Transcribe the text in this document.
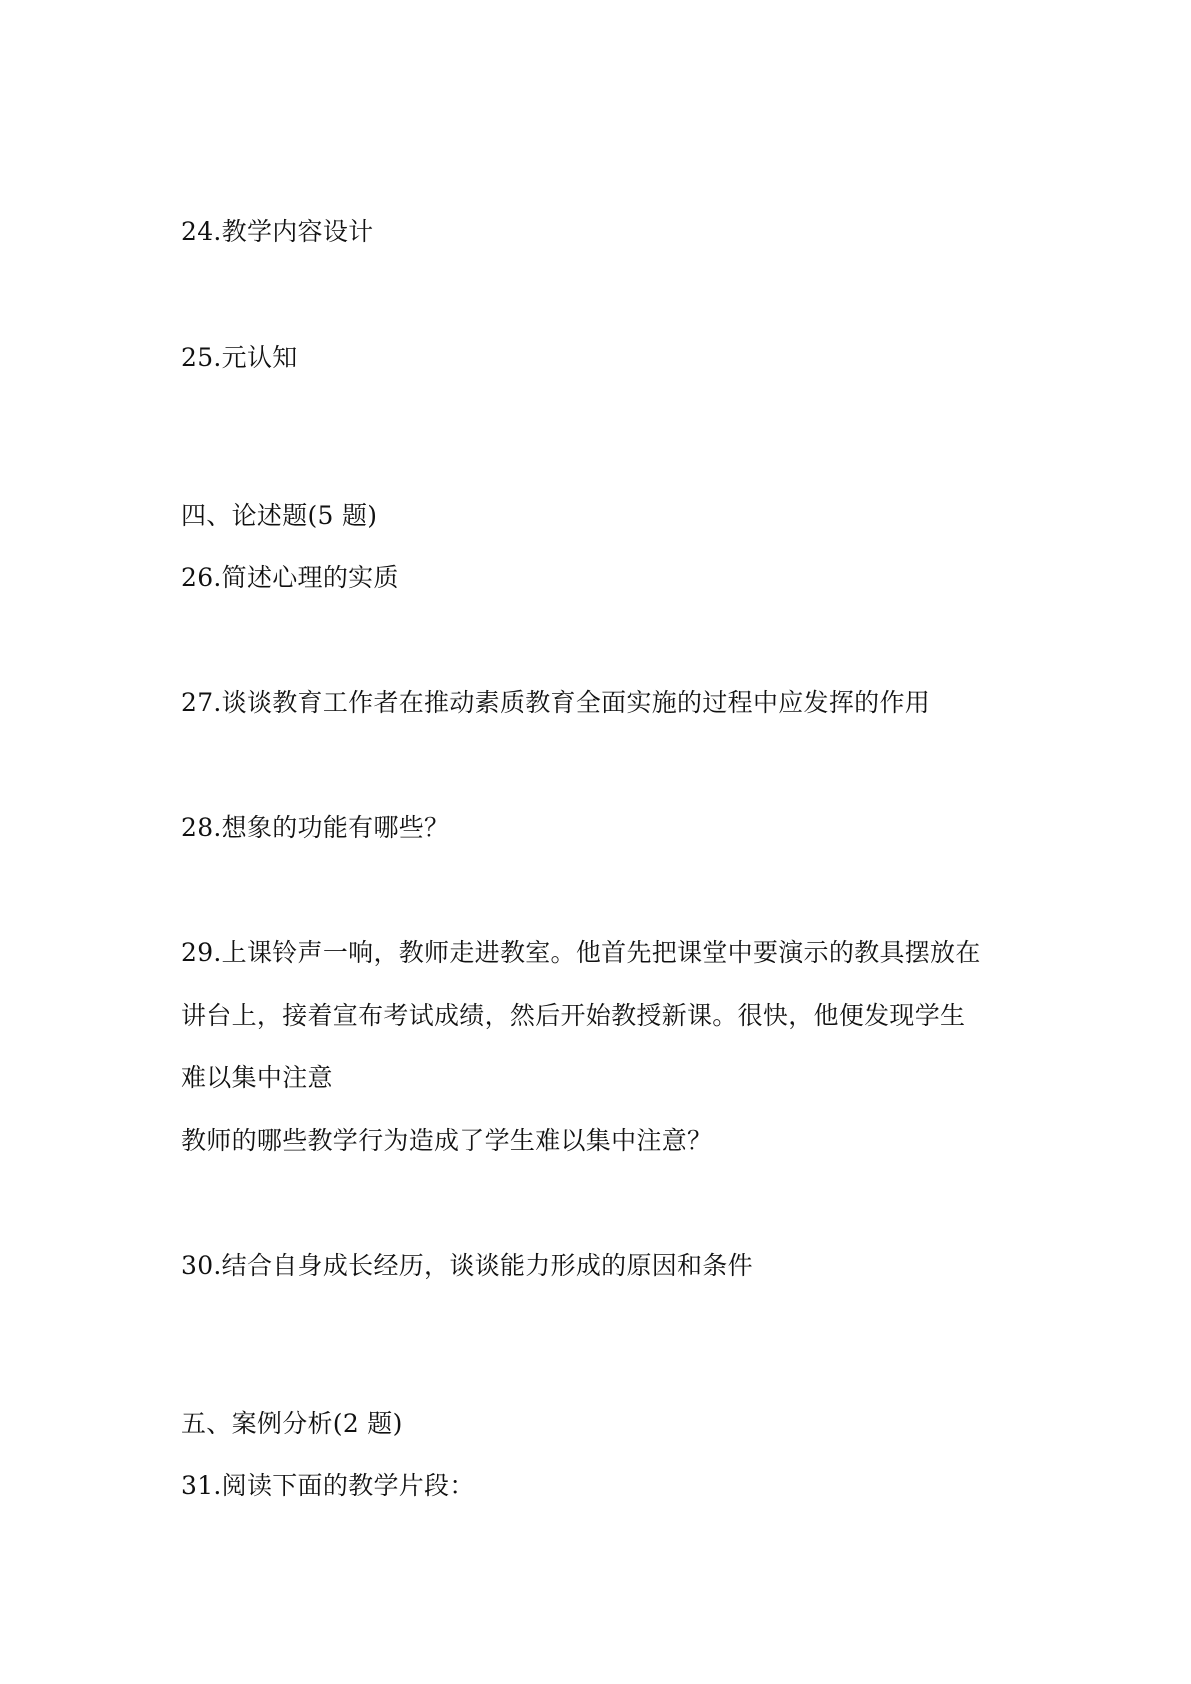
24.教学内容设计
25.元认知
四、论述题(5 题)
26.简述心理的实质
27.谈谈教育工作者在推动素质教育全面实施的过程中应发挥的作用
28.想象的功能有哪些？
29.上课铃声一响，教师走进教室。他首先把课堂中要演示的教具摆放在
讲台上，接着宣布考试成绩，然后开始教授新课。很快，他便发现学生
难以集中注意
教师的哪些教学行为造成了学生难以集中注意？
30.结合自身成长经历，谈谈能力形成的原因和条件
五、案例分析(2 题)
31.阅读下面的教学片段：
